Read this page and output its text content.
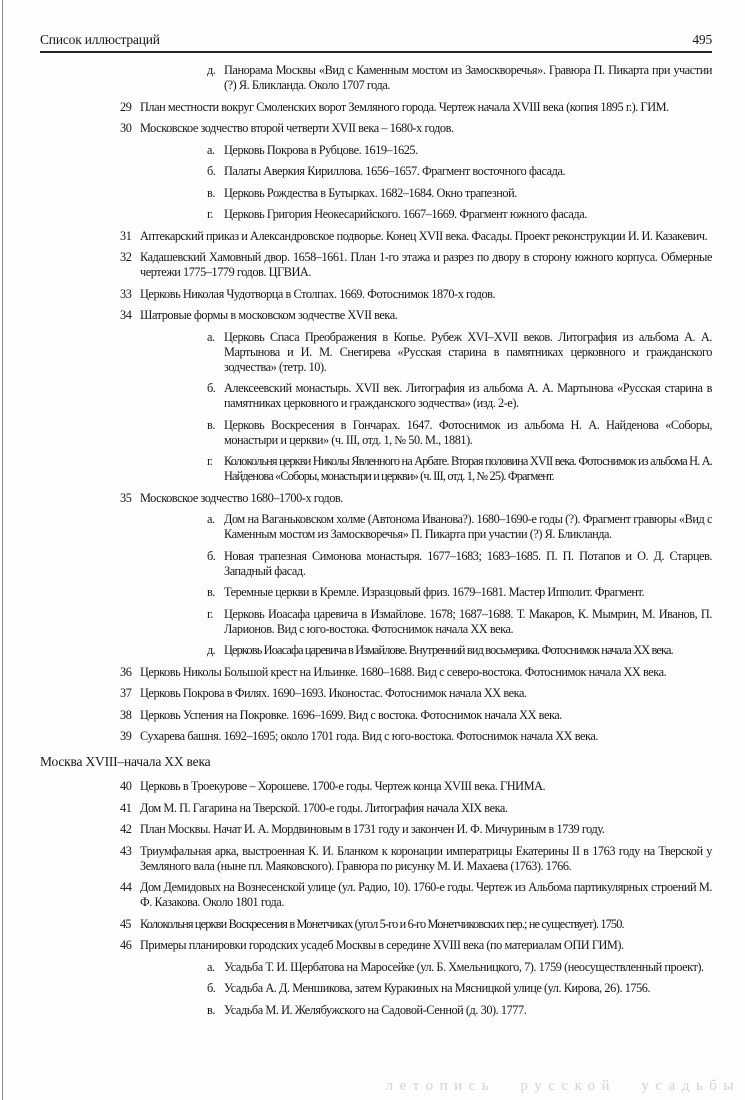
Список иллюстраций	495
д. Панорама Москвы «Вид с Каменным мостом из Замоскворечья». Гравюра П. Пикарта при участии (?) Я. Бликланда. Около 1707 года.
29 План местности вокруг Смоленских ворот Земляного города. Чертеж начала XVIII века (копия 1895 г.). ГИМ.
30 Московское зодчество второй четверти XVII века – 1680-х годов.
а. Церковь Покрова в Рубцове. 1619–1625.
б. Палаты Аверкия Кириллова. 1656–1657. Фрагмент восточного фасада.
в. Церковь Рождества в Бутырках. 1682–1684. Окно трапезной.
г. Церковь Григория Неокесарийского. 1667–1669. Фрагмент южного фасада.
31 Аптекарский приказ и Александровское подворье. Конец XVII века. Фасады. Проект реконструкции И. И. Казакевич.
32 Кадашевский Хамовный двор. 1658–1661. План 1-го этажа и разрез по двору в сторону южного корпуса. Обмерные чертежи 1775–1779 годов. ЦГВИА.
33 Церковь Николая Чудотворца в Столпах. 1669. Фотоснимок 1870-х годов.
34 Шатровые формы в московском зодчестве XVII века.
а. Церковь Спаса Преображения в Копье. Рубеж XVI–XVII веков. Литография из альбома А. А. Мартынова и И. М. Снегирева «Русская старина в памятниках церковного и гражданского зодчества» (тетр. 10).
б. Алексеевский монастырь. XVII век. Литография из альбома А. А. Мартынова «Русская старина в памятниках церковного и гражданского зодчества» (изд. 2-е).
в. Церковь Воскресения в Гончарах. 1647. Фотоснимок из альбома Н. А. Найденова «Соборы, монастыри и церкви» (ч. III, отд. 1, № 50. М., 1881).
г. Колокольня церкви Николы Явленного на Арбате. Вторая половина XVII века. Фотоснимок из альбома Н. А. Найденова «Соборы, монастыри и церкви» (ч. III, отд. 1, № 25). Фрагмент.
35 Московское зодчество 1680–1700-х годов.
а. Дом на Ваганьковском холме (Автонома Иванова?). 1680–1690-е годы (?). Фрагмент гравюры «Вид с Каменным мостом из Замоскворечья» П. Пикарта при участии (?) Я. Бликланда.
б. Новая трапезная Симонова монастыря. 1677–1683; 1683–1685. П. П. Потапов и О. Д. Старцев. Западный фасад.
в. Теремные церкви в Кремле. Изразцовый фриз. 1679–1681. Мастер Ипполит. Фрагмент.
г. Церковь Иоасафа царевича в Измайлове. 1678; 1687–1688. Т. Макаров, К. Мымрин, М. Иванов, П. Ларионов. Вид с юго-востока. Фотоснимок начала XX века.
д. Церковь Иоасафа царевича в Измайлове. Внутренний вид восьмерика. Фотоснимок начала XX века.
36 Церковь Николы Большой крест на Ильинке. 1680–1688. Вид с северо-востока. Фотоснимок начала XX века.
37 Церковь Покрова в Филях. 1690–1693. Иконостас. Фотоснимок начала XX века.
38 Церковь Успения на Покровке. 1696–1699. Вид с востока. Фотоснимок начала XX века.
39 Сухарева башня. 1692–1695; около 1701 года. Вид с юго-востока. Фотоснимок начала XX века.
Москва XVIII–начала XX века
40 Церковь в Троекурове – Хорошеве. 1700-е годы. Чертеж конца XVIII века. ГНИМА.
41 Дом М. П. Гагарина на Тверской. 1700-е годы. Литография начала XIX века.
42 План Москвы. Начат И. А. Мордвиновым в 1731 году и закончен И. Ф. Мичуриным в 1739 году.
43 Триумфальная арка, выстроенная К. И. Бланком к коронации императрицы Екатерины II в 1763 году на Тверской у Земляного вала (ныне пл. Маяковского). Гравюра по рисунку М. И. Махаева (1763). 1766.
44 Дом Демидовых на Вознесенской улице (ул. Радио, 10). 1760-е годы. Чертеж из Альбома партикулярных строений М. Ф. Казакова. Около 1801 года.
45 Колокольня церкви Воскресения в Монетчиках (угол 5-го и 6-го Монетчиковских пер.; не существует). 1750.
46 Примеры планировки городских усадеб Москвы в середине XVIII века (по материалам ОПИ ГИМ).
а. Усадьба Т. И. Щербатова на Маросейке (ул. Б. Хмельницкого, 7). 1759 (неосуществленный проект).
б. Усадьба А. Д. Меншикова, затем Куракиных на Мясницкой улице (ул. Кирова, 26). 1756.
в. Усадьба М. И. Желябужского на Садовой-Сенной (д. 30). 1777.
летопись русской усадьбы
